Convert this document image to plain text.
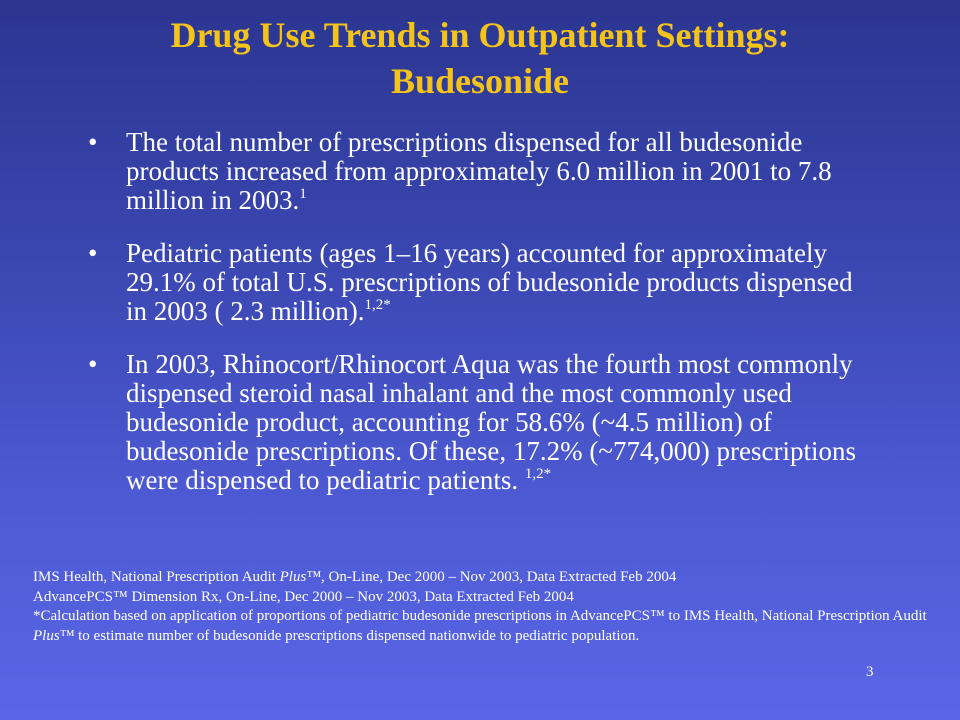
Drug Use Trends in Outpatient Settings:
Budesonide
• The total number of prescriptions dispensed for all budesonide products increased from approximately 6.0 million in 2001 to 7.8 million in 2003.$^1$
• Pediatric patients (ages 1–16 years) accounted for approximately 29.1% of total U.S. prescriptions of budesonide products dispensed in 2003 ( 2.3 million).$^{1,2*}$
• In 2003, Rhinocort/Rhinocort Aqua was the fourth most commonly dispensed steroid nasal inhalant and the most commonly used budesonide product, accounting for 58.6% (~4.5 million) of budesonide prescriptions. Of these, 17.2% (~774,000) prescriptions were dispensed to pediatric patients. $^{1,2*}$
IMS Health, National Prescription Audit Plus™, On-Line, Dec 2000 – Nov 2003, Data Extracted Feb 2004
AdvancePCS™ Dimension Rx, On-Line, Dec 2000 – Nov 2003, Data Extracted Feb 2004
*Calculation based on application of proportions of pediatric budesonide prescriptions in AdvancePCS™ to IMS Health, National Prescription Audit Plus™ to estimate number of budesonide prescriptions dispensed nationwide to pediatric population.
3
